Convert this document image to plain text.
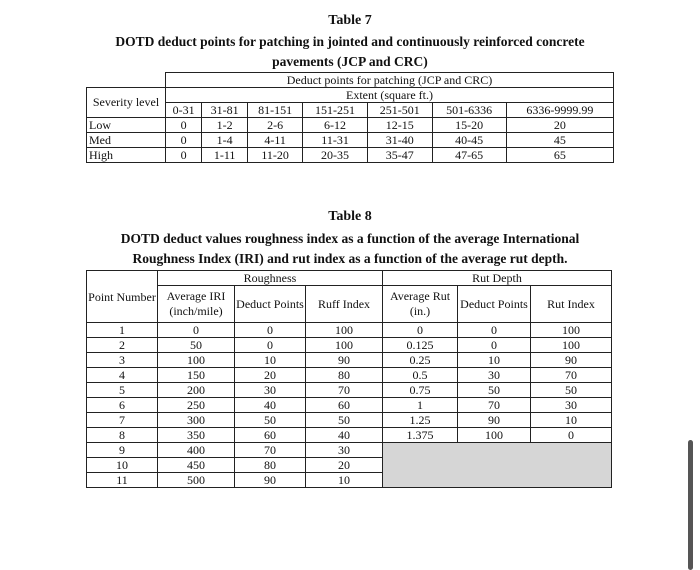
Table 7
DOTD deduct points for patching in jointed and continuously reinforced concrete
pavements (JCP and CRC)
	Deduct points for patching (JCP and CRC)						
Severity level	Extent (square ft.)						
	0-31	31-81	81-151	151-251	251-501	501-6336	6336-9999.99
Low	0	1-2	2-6	6-12	12-15	15-20	20
Med	0	1-4	4-11	11-31	31-40	40-45	45
High	0	1-11	11-20	20-35	35-47	47-65	65
Table 8
DOTD deduct values roughness index as a function of the average International
Roughness Index (IRI) and rut index as a function of the average rut depth.
Point Number	Roughness			Rut Depth		
	Average IRI (inch/mile)	Deduct Points	Ruff Index	Average Rut (in.)	Deduct Points	Rut Index
1	0	0	100	0	0	100
2	50	0	100	0.125	0	100
3	100	10	90	0.25	10	90
4	150	20	80	0.5	30	70
5	200	30	70	0.75	50	50
6	250	40	60	1	70	30
7	300	50	50	1.25	90	10
8	350	60	40	1.375	100	0
9	400	70	30			
10	450	80	20			
11	500	90	10			
